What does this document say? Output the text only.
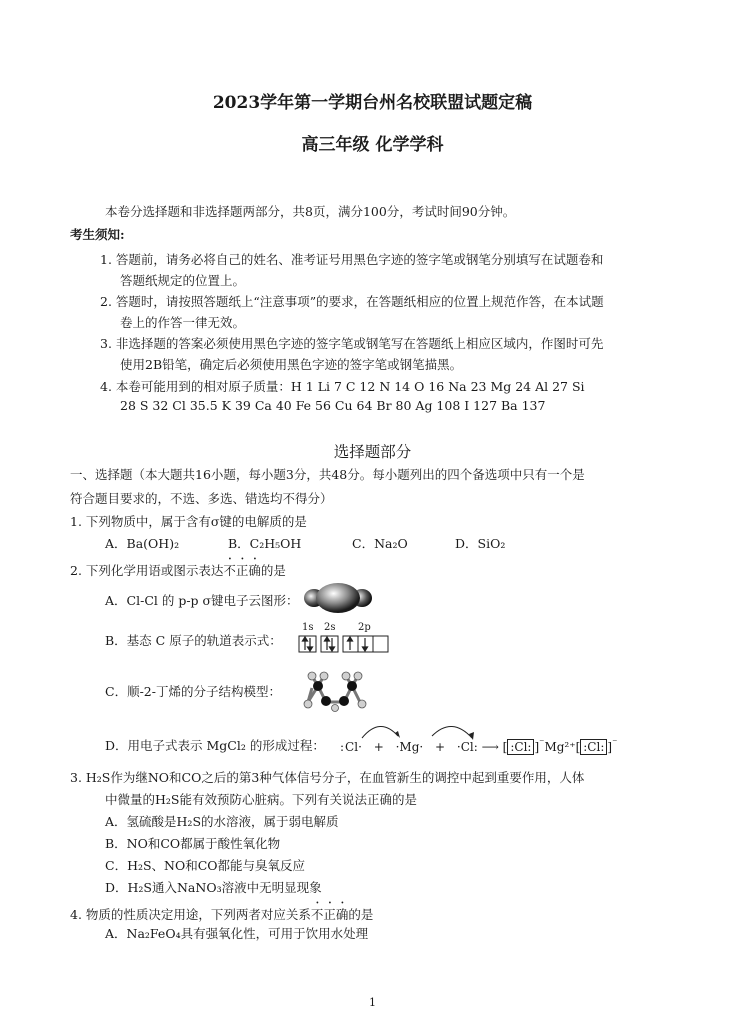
2023学年第一学期台州名校联盟试题定稿
高三年级 化学学科
本卷分选择题和非选择题两部分，共8页，满分100分，考试时间90分钟。
考生须知:
1. 答题前，请务必将自己的姓名、准考证号用黑色字迹的签字笔或钢笔分别填写在试题卷和
答题纸规定的位置上。
2. 答题时，请按照答题纸上“注意事项”的要求，在答题纸相应的位置上规范作答，在本试题
卷上的作答一律无效。
3. 非选择题的答案必须使用黑色字迹的签字笔或钢笔写在答题纸上相应区域内，作图时可先
使用2B铅笔，确定后必须使用黑色字迹的签字笔或钢笔描黑。
4. 本卷可能用到的相对原子质量：H 1 Li 7 C 12 N 14 O 16 Na 23 Mg 24 Al 27 Si
28 S 32 Cl 35.5 K 39 Ca 40 Fe 56 Cu 64 Br 80 Ag 108 I 127 Ba 137
选择题部分
一、选择题（本大题共16小题，每小题3分，共48分。每小题列出的四个备选项中只有一个是
符合题目要求的，不选、多选、错选均不得分）
1. 下列物质中，属于含有σ键的电解质的是
A．Ba(OH)₂	B．C₂H₅OH	C．Na₂O	D．SiO₂
2. 下列化学用语或图示表达不正确的是
A．Cl-Cl 的 p-p σ键电子云图形：
B．基态 C 原子的轨道表示式：
1s 2s 2p
C．顺-2-丁烯的分子结构模型：
D．用电子式表示 MgCl₂ 的形成过程： :Cl· + ·Mg· + ·Cl: ⟶ [ :Cl: ]⁻Mg²⁺[ :Cl: ]⁻
3. H₂S作为继NO和CO之后的第3种气体信号分子，在血管新生的调控中起到重要作用，人体
中微量的H₂S能有效预防心脏病。下列有关说法正确的是
A．氢硫酸是H₂S的水溶液，属于弱电解质
B．NO和CO都属于酸性氧化物
C．H₂S、NO和CO都能与臭氧反应
D．H₂S通入NaNO₃溶液中无明显现象
4. 物质的性质决定用途，下列两者对应关系不正确的是
A．Na₂FeO₄具有强氧化性，可用于饮用水处理
1
